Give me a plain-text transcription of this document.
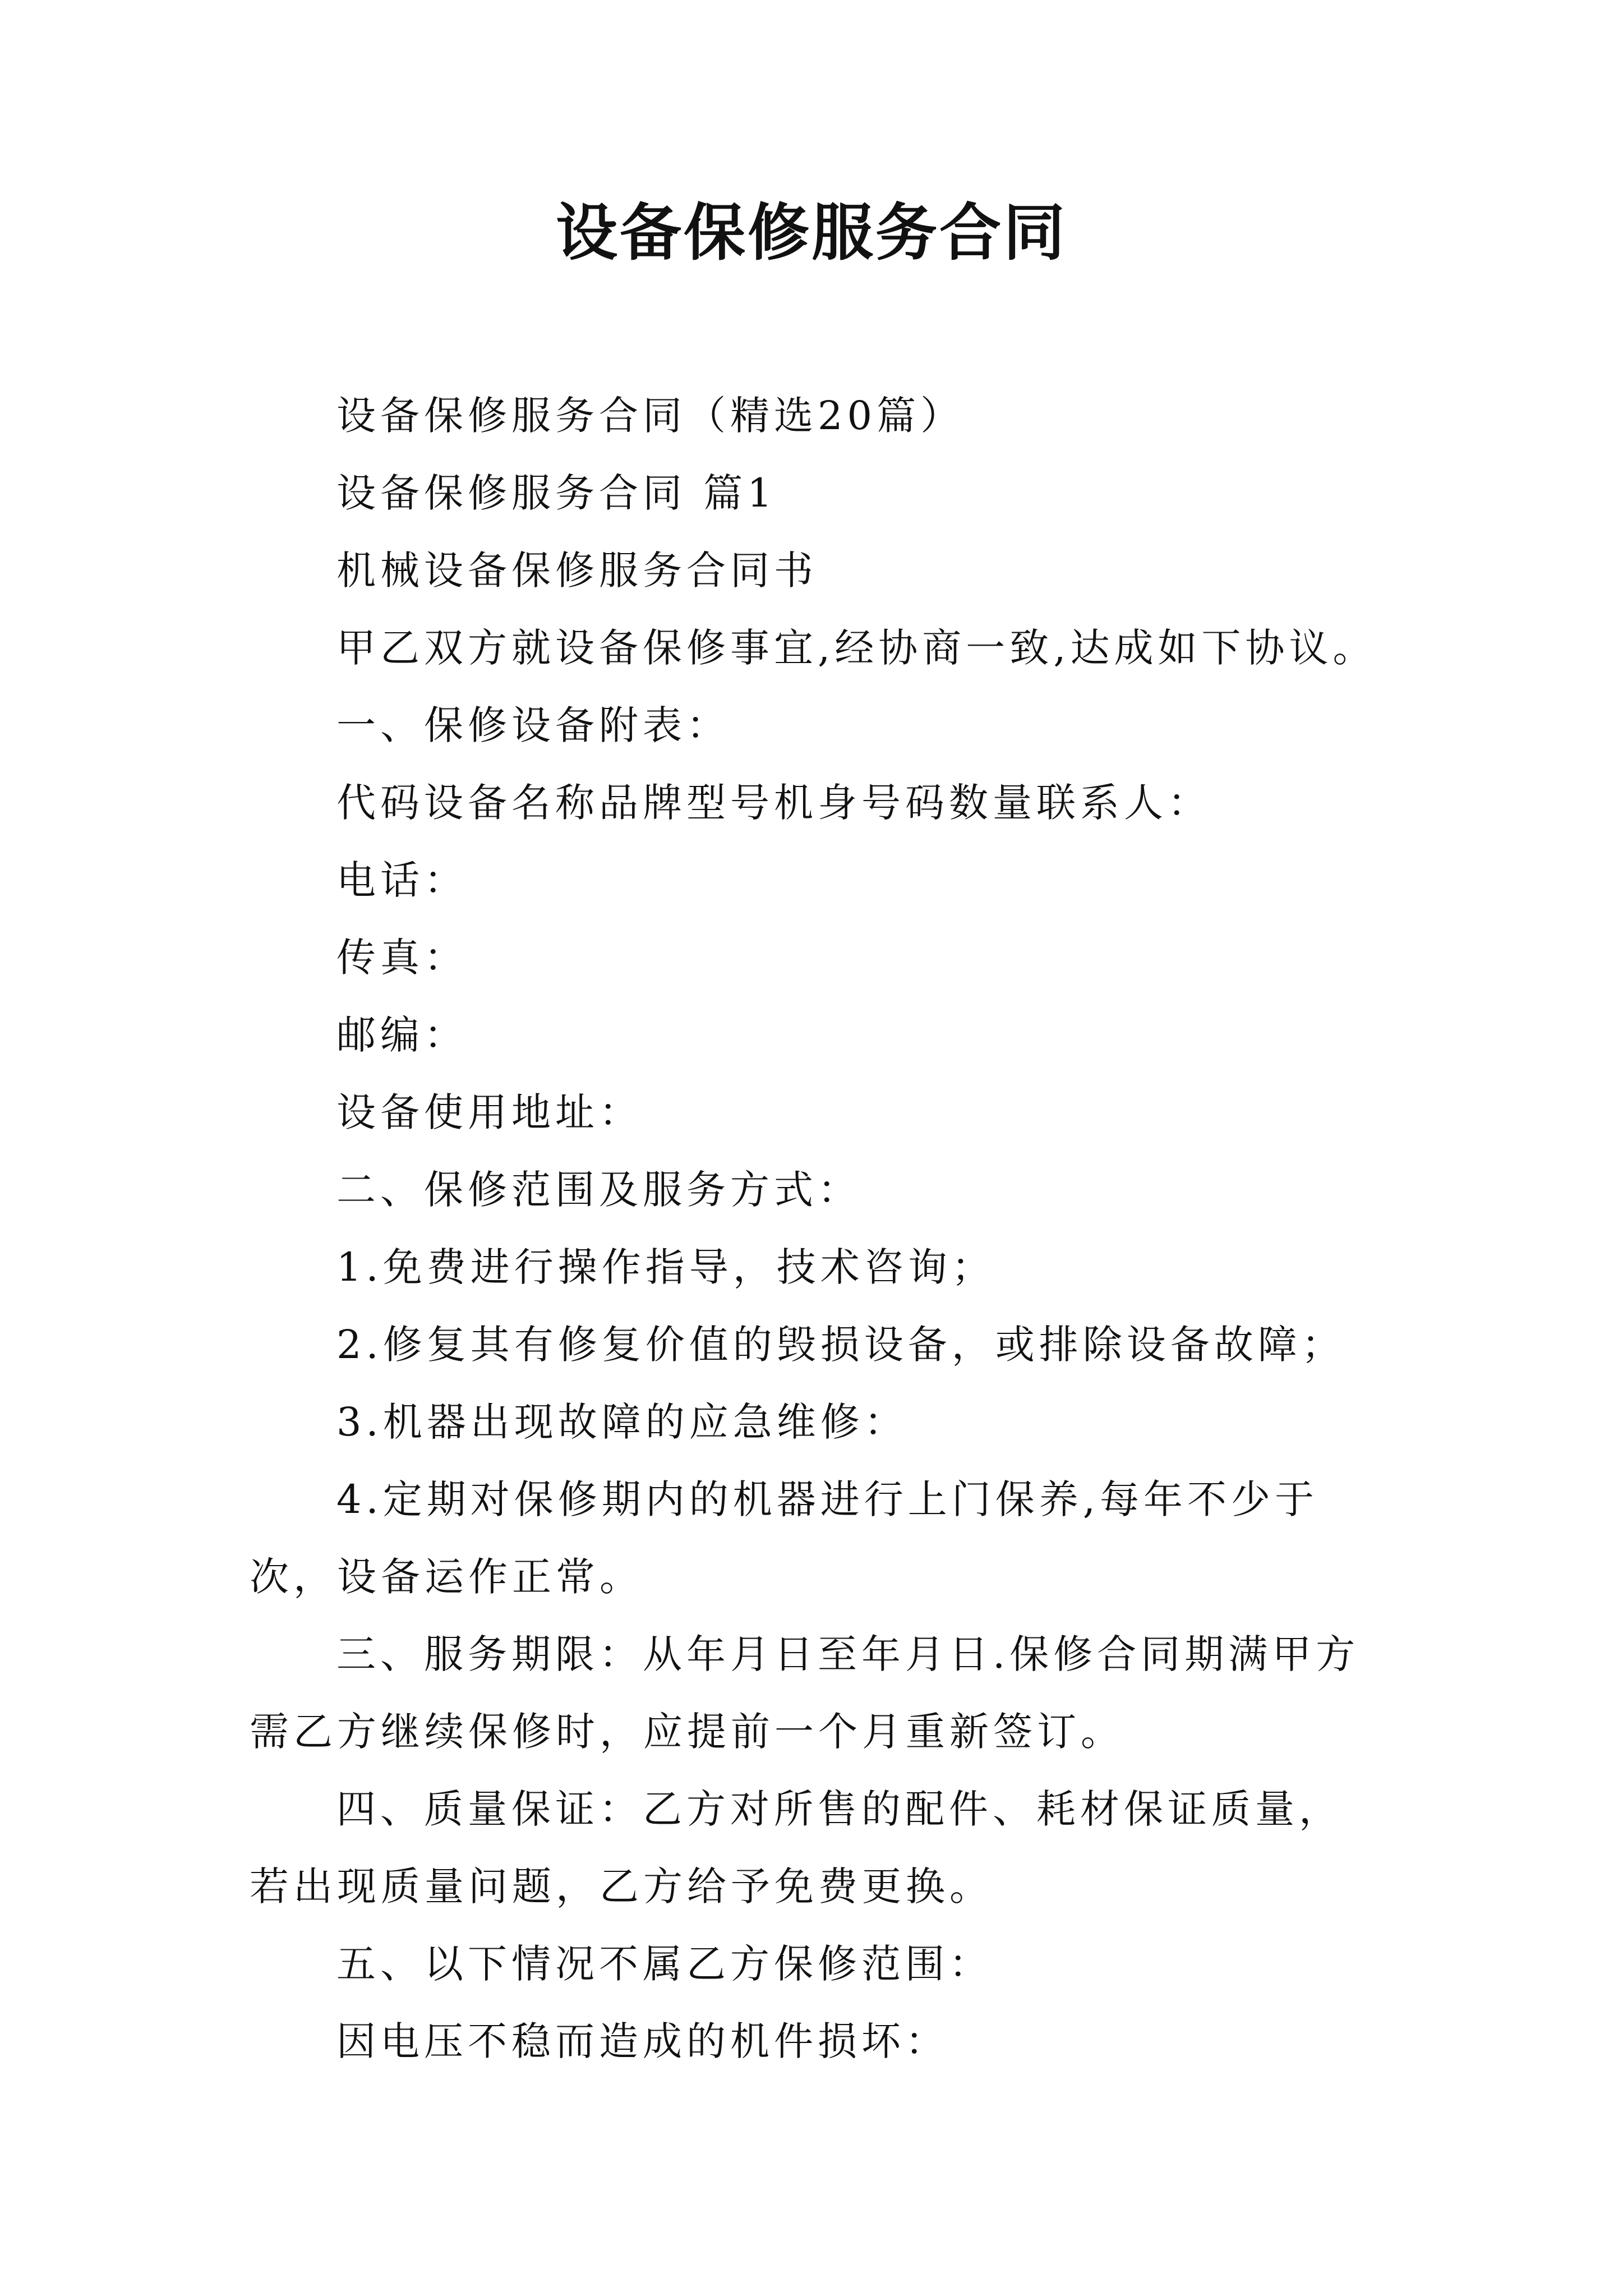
设备保修服务合同

设备保修服务合同（精选20篇）

设备保修服务合同 篇1

机械设备保修服务合同书

甲乙双方就设备保修事宜,经协商一致,达成如下协议。

一、保修设备附表：

代码设备名称品牌型号机身号码数量联系人：

电话：

传真：

邮编：

设备使用地址：

二、保修范围及服务方式：

1.免费进行操作指导，技术咨询；

2.修复其有修复价值的毁损设备，或排除设备故障；

3.机器出现故障的应急维修：

4.定期对保修期内的机器进行上门保养,每年不少于次，设备运作正常。

三、服务期限：从年月日至年月日.保修合同期满甲方需乙方继续保修时，应提前一个月重新签订。

四、质量保证：乙方对所售的配件、耗材保证质量，若出现质量问题，乙方给予免费更换。

五、以下情况不属乙方保修范围：

因电压不稳而造成的机件损坏：
